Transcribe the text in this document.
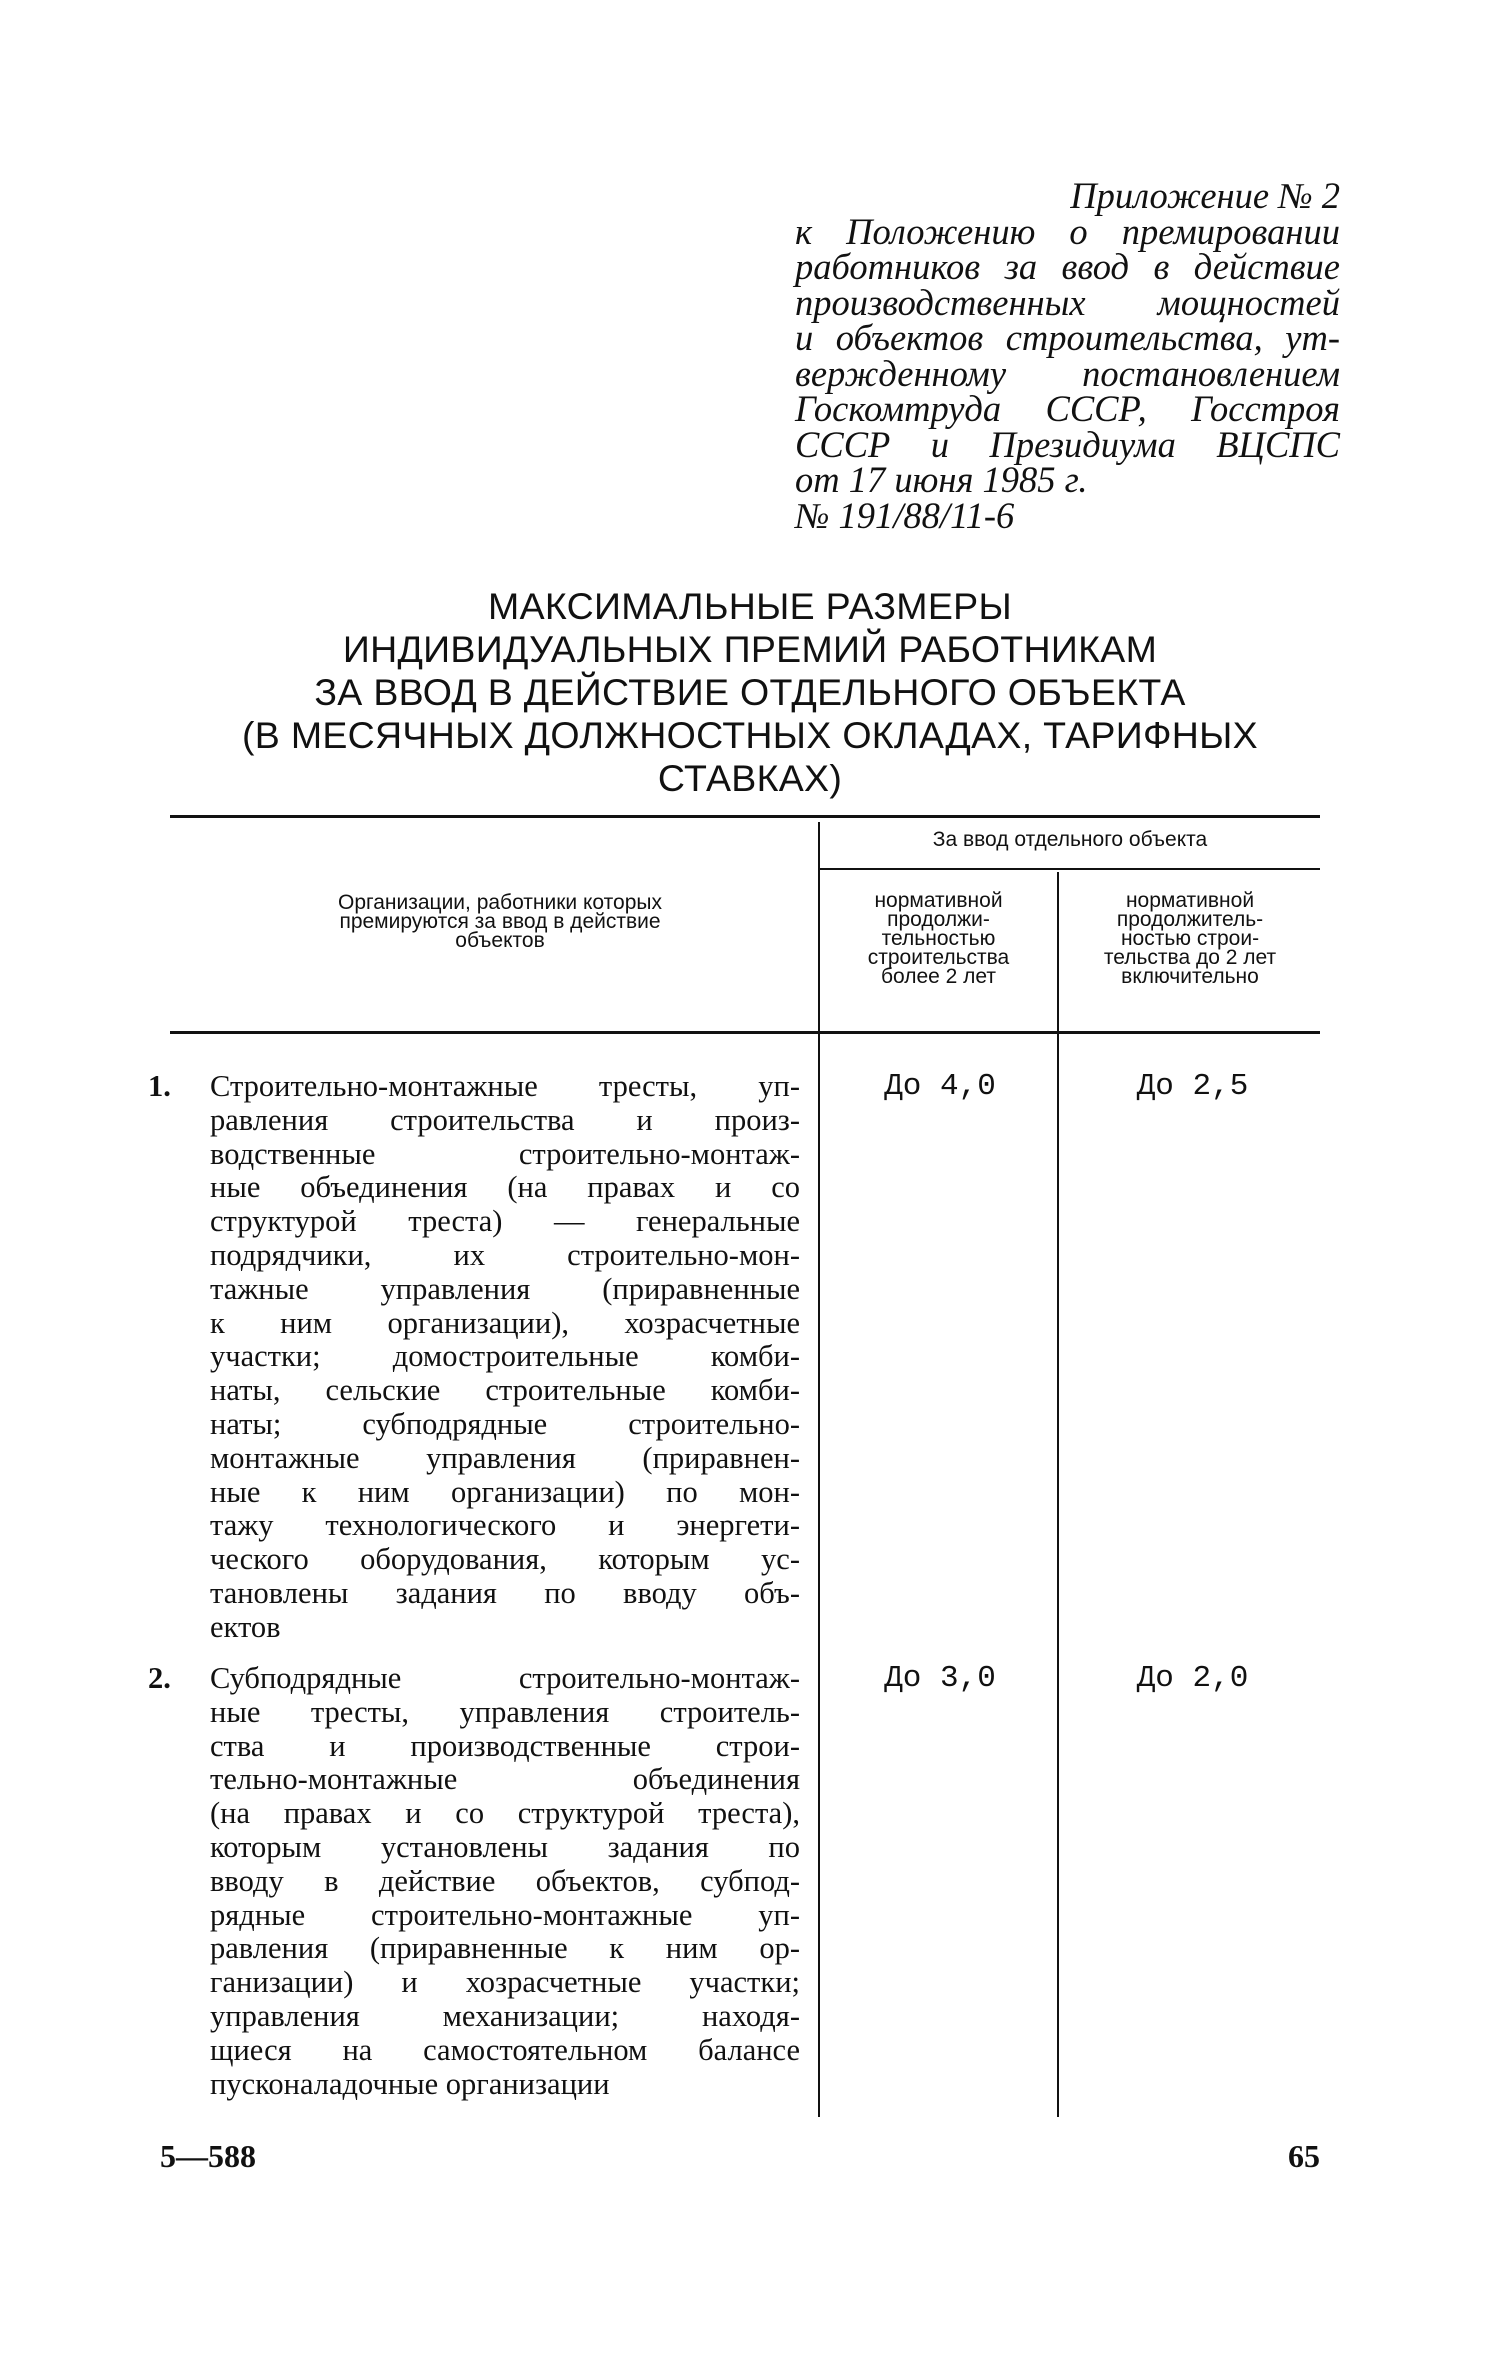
Приложение № 2
к Положению о премировании
работников за ввод в действие
производственных мощностей
и объектов строительства, ут-
вержденному постановлением
Госкомтруда СССР, Госстроя
СССР и Президиума ВЦСПС
от 17 июня 1985 г.
№ 191/88/11-6
МАКСИМАЛЬНЫЕ РАЗМЕРЫ
ИНДИВИДУАЛЬНЫХ ПРЕМИЙ РАБОТНИКАМ
ЗА ВВОД В ДЕЙСТВИЕ ОТДЕЛЬНОГО ОБЪЕКТА
(В МЕСЯЧНЫХ ДОЛЖНОСТНЫХ ОКЛАДАХ, ТАРИФНЫХ
СТАВКАХ)
Организации, работники которых
премируются за ввод в действие
объектов
За ввод отдельного объекта
нормативной
продолжи-
тельностью
строительства
более 2 лет
нормативной
продолжитель-
ностью строи-
тельства до 2 лет
включительно
1.	Строительно-монтажные тресты, уп-
равления строительства и произ-
водственные строительно-монтаж-
ные объединения (на правах и со
структурой треста) — генеральные
подрядчики, их строительно-мон-
тажные управления (приравненные
к ним организации), хозрасчетные
участки; домостроительные комби-
наты, сельские строительные комби-
наты; субподрядные строительно-
монтажные управления (приравнен-
ные к ним организации) по мон-
тажу технологического и энергети-
ческого оборудования, которым ус-
тановлены задания по вводу объ-
ектов
До 4,0	До 2,5
2.	Субподрядные строительно-монтаж-
ные тресты, управления строитель-
ства и производственные строи-
тельно-монтажные объединения
(на правах и со структурой треста),
которым установлены задания по
вводу в действие объектов, субпод-
рядные строительно-монтажные уп-
равления (приравненные к ним ор-
ганизации) и хозрасчетные участки;
управления механизации; находя-
щиеся на самостоятельном балансе
пусконаладочные организации
До 3,0	До 2,0
5—588	65
